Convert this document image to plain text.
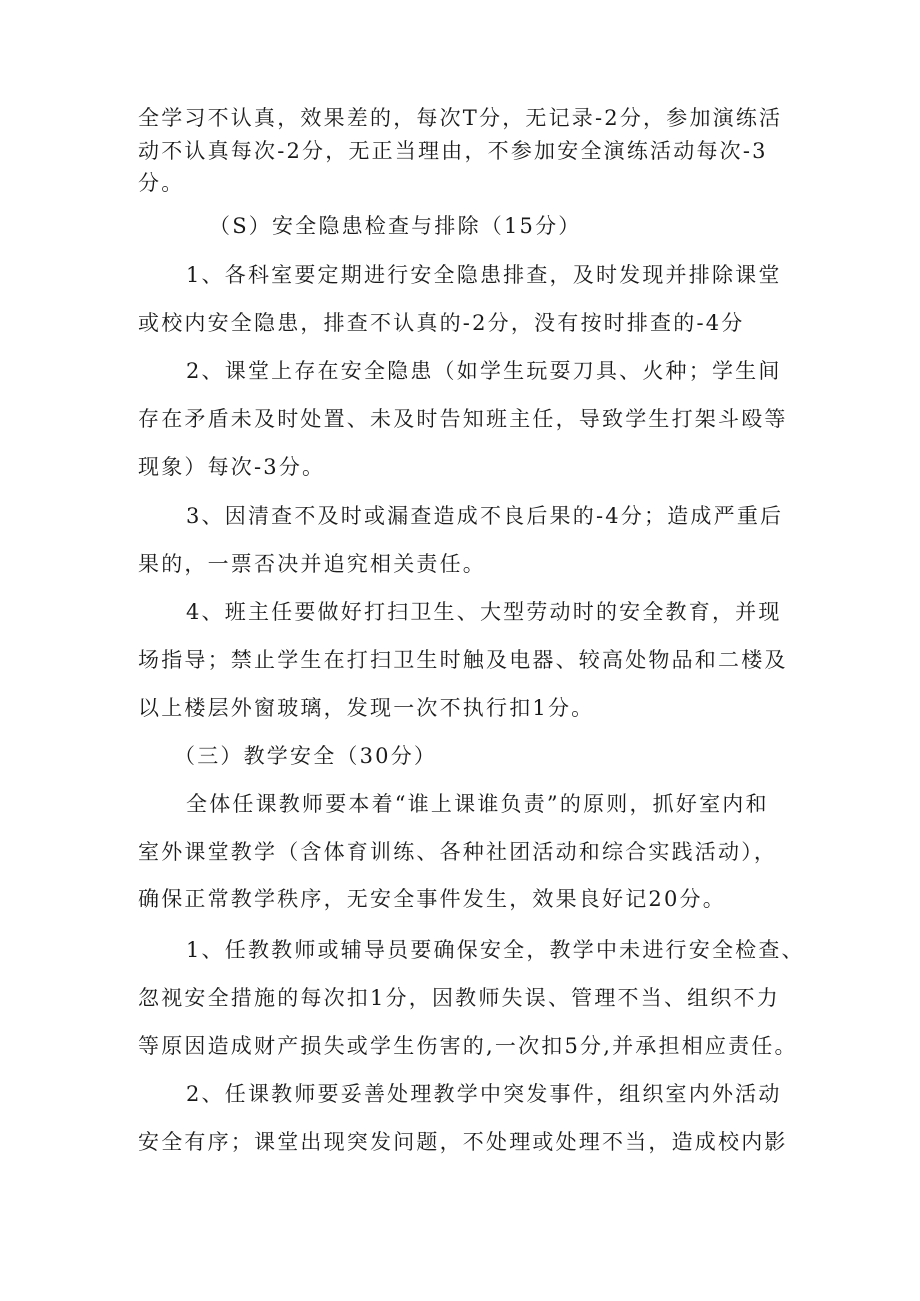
全学习不认真，效果差的，每次T分，无记录-2分，参加演练活
动不认真每次-2分，无正当理由，不参加安全演练活动每次-3
分。
（S）安全隐患检查与排除（15分）
1、各科室要定期进行安全隐患排查，及时发现并排除课堂
或校内安全隐患，排查不认真的-2分，没有按时排查的-4分
2、课堂上存在安全隐患（如学生玩耍刀具、火种；学生间
存在矛盾未及时处置、未及时告知班主任，导致学生打架斗殴等
现象）每次-3分。
3、因清查不及时或漏查造成不良后果的-4分；造成严重后
果的，一票否决并追究相关责任。
4、班主任要做好打扫卫生、大型劳动时的安全教育，并现
场指导；禁止学生在打扫卫生时触及电器、较高处物品和二楼及
以上楼层外窗玻璃，发现一次不执行扣1分。
（三）教学安全（30分）
全体任课教师要本着“谁上课谁负责”的原则，抓好室内和
室外课堂教学（含体育训练、各种社团活动和综合实践活动），
确保正常教学秩序，无安全事件发生，效果良好记20分。
1、任教教师或辅导员要确保安全，教学中未进行安全检查、
忽视安全措施的每次扣1分，因教师失误、管理不当、组织不力
等原因造成财产损失或学生伤害的,一次扣5分,并承担相应责任。
2、任课教师要妥善处理教学中突发事件，组织室内外活动
安全有序；课堂出现突发问题，不处理或处理不当，造成校内影
